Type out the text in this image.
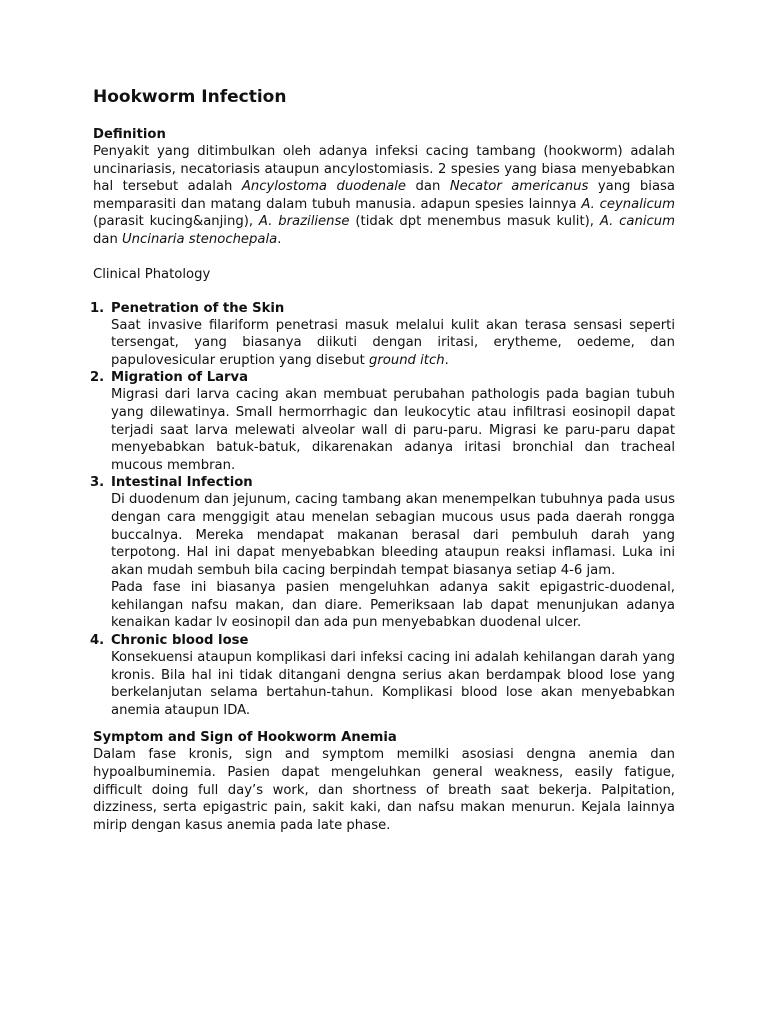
Hookworm Infection
Definition

Penyakit yang ditimbulkan oleh adanya infeksi cacing tambang (hookworm) adalah uncinariasis, necatoriasis ataupun ancylostomiasis. 2 spesies yang biasa menyebabkan hal tersebut adalah Ancylostoma duodenale dan Necator americanus yang biasa memparasiti dan matang dalam tubuh manusia. adapun spesies lainnya A. ceynalicum (parasit kucing&anjing), A. braziliense (tidak dpt menembus masuk kulit), A. canicum dan Uncinaria stenochepala.

Clinical Phatology
1. Penetration of the Skin

Saat invasive filariform penetrasi masuk melalui kulit akan terasa sensasi seperti tersengat, yang biasanya diikuti dengan iritasi, erytheme, oedeme, dan papulovesicular eruption yang disebut ground itch.

2. Migration of Larva

Migrasi dari larva cacing akan membuat perubahan pathologis pada bagian tubuh yang dilewatinya. Small hermorrhagic dan leukocytic atau infiltrasi eosinopil dapat terjadi saat larva melewati alveolar wall di paru-paru. Migrasi ke paru-paru dapat menyebabkan batuk-batuk, dikarenakan adanya iritasi bronchial dan tracheal mucous membran.

3. Intestinal Infection

Di duodenum dan jejunum, cacing tambang akan menempelkan tubuhnya pada usus dengan cara menggigit atau menelan sebagian mucous usus pada daerah rongga buccalnya. Mereka mendapat makanan berasal dari pembuluh darah yang terpotong. Hal ini dapat menyebabkan bleeding ataupun reaksi inflamasi. Luka ini akan mudah sembuh bila cacing berpindah tempat biasanya setiap 4-6 jam.

Pada fase ini biasanya pasien mengeluhkan adanya sakit epigastric-duodenal, kehilangan nafsu makan, dan diare. Pemeriksaan lab dapat menunjukan adanya kenaikan kadar lv eosinopil dan ada pun menyebabkan duodenal ulcer.

4. Chronic blood lose

Konsekuensi ataupun komplikasi dari infeksi cacing ini adalah kehilangan darah yang kronis. Bila hal ini tidak ditangani dengna serius akan berdampak blood lose yang berkelanjutan selama bertahun-tahun. Komplikasi blood lose akan menyebabkan anemia ataupun IDA.

Symptom and Sign of Hookworm Anemia

Dalam fase kronis, sign and symptom memilki asosiasi dengna anemia dan hypoalbuminemia. Pasien dapat mengeluhkan general weakness, easily fatigue, difficult doing full day’s work, dan shortness of breath saat bekerja. Palpitation, dizziness, serta epigastric pain, sakit kaki, dan nafsu makan menurun. Kejala lainnya mirip dengan kasus anemia pada late phase.
